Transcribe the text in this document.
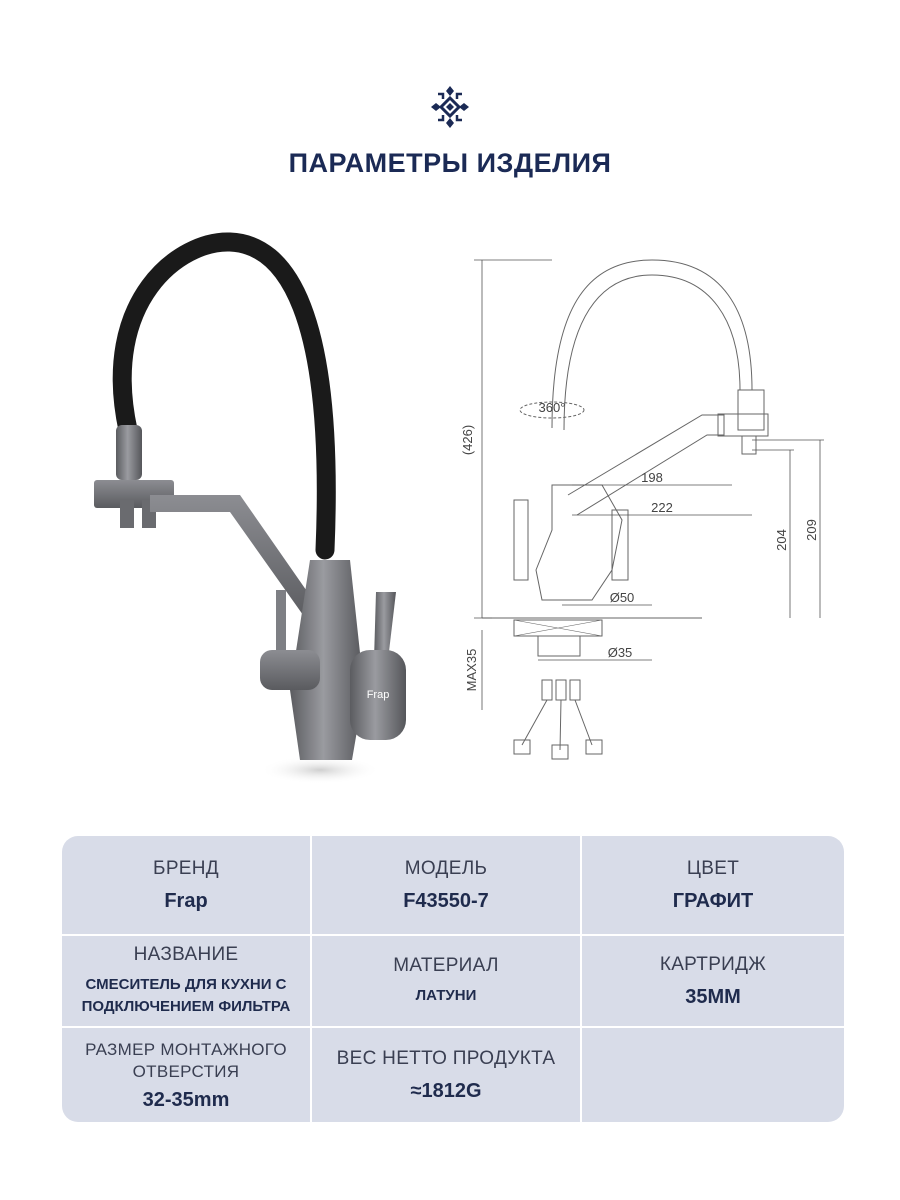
ПАРАМЕТРЫ ИЗДЕЛИЯ
Frap
(426)
360°
198
222
204 209
Ø50
Ø35
MAX35
БРЕНД
Frap
МОДЕЛЬ
F43550-7
ЦВЕТ
ГРАФИТ
НАЗВАНИЕ
СМЕСИТЕЛЬ ДЛЯ КУХНИ С
ПОДКЛЮЧЕНИЕМ ФИЛЬТРА
МАТЕРИАЛ
ЛАТУНИ
КАРТРИДЖ
35MM
РАЗМЕР МОНТАЖНОГО
ОТВЕРСТИЯ
32-35mm
ВЕС НЕТТО ПРОДУКТА
≈1812G
